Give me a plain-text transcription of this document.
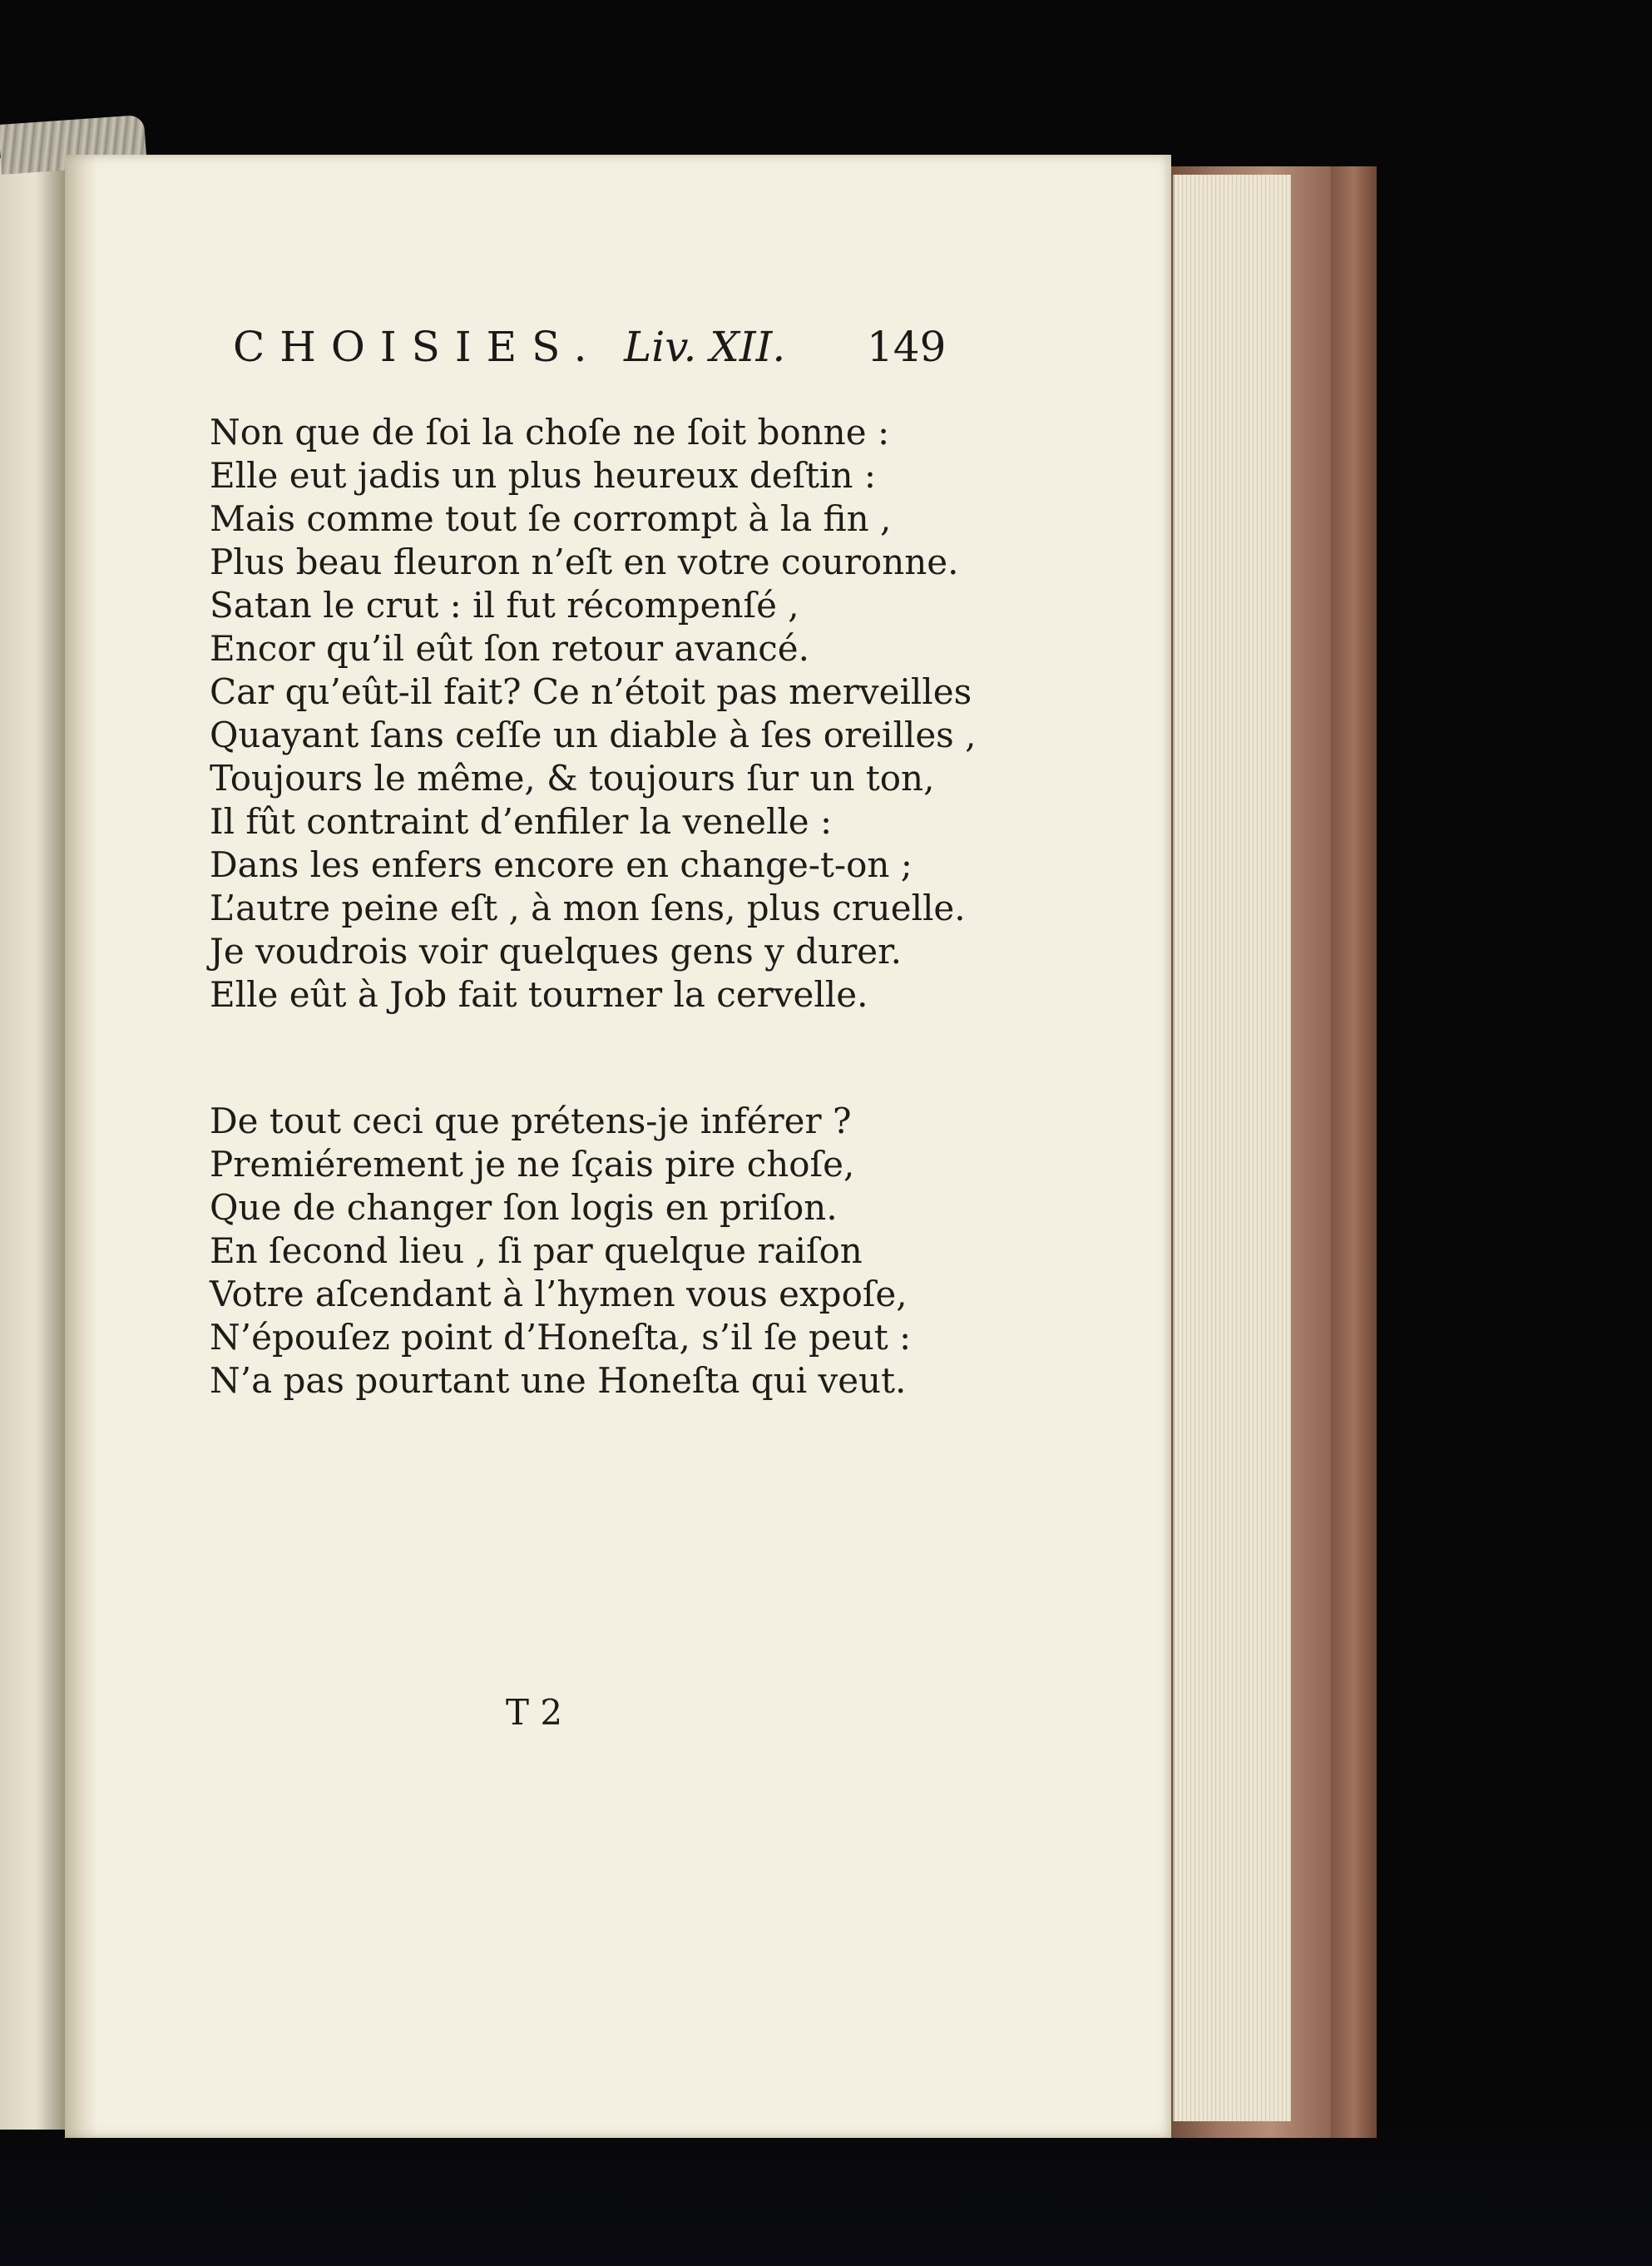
CHOISIES. Liv. XII. 149
Non que de ſoi la choſe ne ſoit bonne :
Elle eut jadis un plus heureux deſtin :
Mais comme tout ſe corrompt à la fin ,
Plus beau fleuron n’eſt en votre couronne.
Satan le crut : il fut récompenſé ,
Encor qu’il eût ſon retour avancé.
Car qu’eût-il fait? Ce n’étoit pas merveilles
Quayant ſans ceſſe un diable à ſes oreilles ,
Toujours le même, & toujours ſur un ton,
Il fût contraint d’enfiler la venelle :
Dans les enfers encore en change-t-on ;
L’autre peine eſt , à mon ſens, plus cruelle.
Je voudrois voir quelques gens y durer.
Elle eût à Job fait tourner la cervelle.
De tout ceci que prétens-je inférer ?
Premiérement je ne ſçais pire choſe,
Que de changer ſon logis en priſon.
En ſecond lieu , ſi par quelque raiſon
Votre aſcendant à l’hymen vous expoſe,
N’épouſez point d’Honeſta, s’il ſe peut :
N’a pas pourtant une Honeſta qui veut.
T 2
